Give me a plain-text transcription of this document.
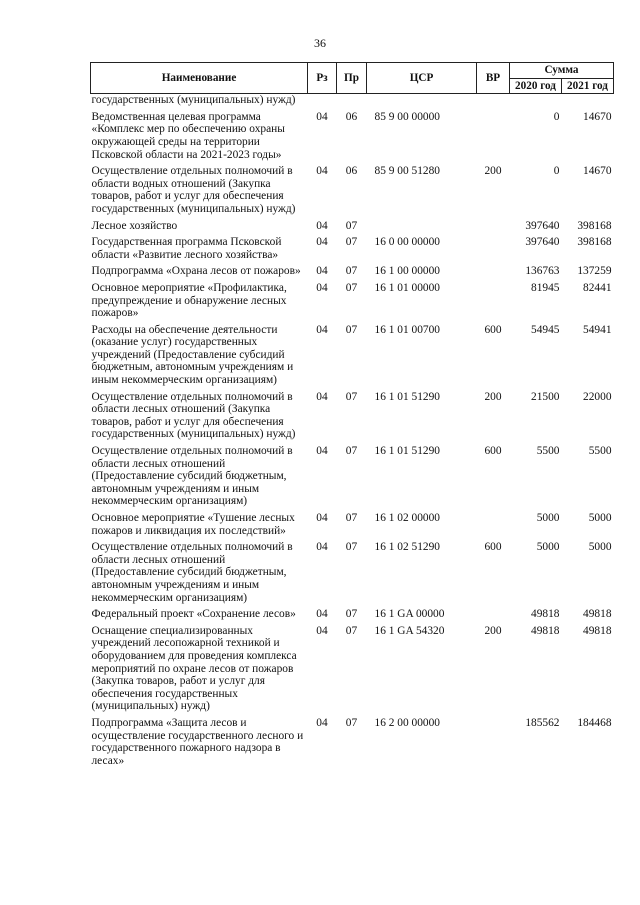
36
Наименование	Рз	Пр	ЦСР	ВР	Сумма	
					2020 год	2021 год
государственных (муниципальных) нужд)						
Ведомственная целевая программа «Комплекс мер по обеспечению охраны окружающей среды на территории Псковской области на 2021-2023 годы»	04	06	85 9 00 00000		0	14670
Осуществление отдельных полномочий в области водных отношений (Закупка товаров, работ и услуг для обеспечения государственных (муниципальных) нужд)	04	06	85 9 00 51280	200	0	14670
Лесное хозяйство	04	07			397640	398168
Государственная программа Псковской области «Развитие лесного хозяйства»	04	07	16 0 00 00000		397640	398168
Подпрограмма «Охрана лесов от пожаров»	04	07	16 1 00 00000		136763	137259
Основное мероприятие «Профилактика, предупреждение и обнаружение лесных пожаров»	04	07	16 1 01 00000		81945	82441
Расходы на обеспечение деятельности (оказание услуг) государственных учреждений (Предоставление субсидий бюджетным, автономным учреждениям и иным некоммерческим организациям)	04	07	16 1 01 00700	600	54945	54941
Осуществление отдельных полномочий в области лесных отношений (Закупка товаров, работ и услуг для обеспечения государственных (муниципальных) нужд)	04	07	16 1 01 51290	200	21500	22000
Осуществление отдельных полномочий в области лесных отношений (Предоставление субсидий бюджетным, автономным учреждениям и иным некоммерческим организациям)	04	07	16 1 01 51290	600	5500	5500
Основное мероприятие «Тушение лесных пожаров и ликвидация их последствий»	04	07	16 1 02 00000		5000	5000
Осуществление отдельных полномочий в области лесных отношений (Предоставление субсидий бюджетным, автономным учреждениям и иным некоммерческим организациям)	04	07	16 1 02 51290	600	5000	5000
Федеральный проект «Сохранение лесов»	04	07	16 1 GA 00000		49818	49818
Оснащение специализированных учреждений лесопожарной техникой и оборудованием для проведения комплекса мероприятий по охране лесов от пожаров (Закупка товаров, работ и услуг для обеспечения государственных (муниципальных) нужд)	04	07	16 1 GA 54320	200	49818	49818
Подпрограмма «Защита лесов и осуществление государственного лесного и государственного пожарного надзора в лесах»	04	07	16 2 00 00000		185562	184468
